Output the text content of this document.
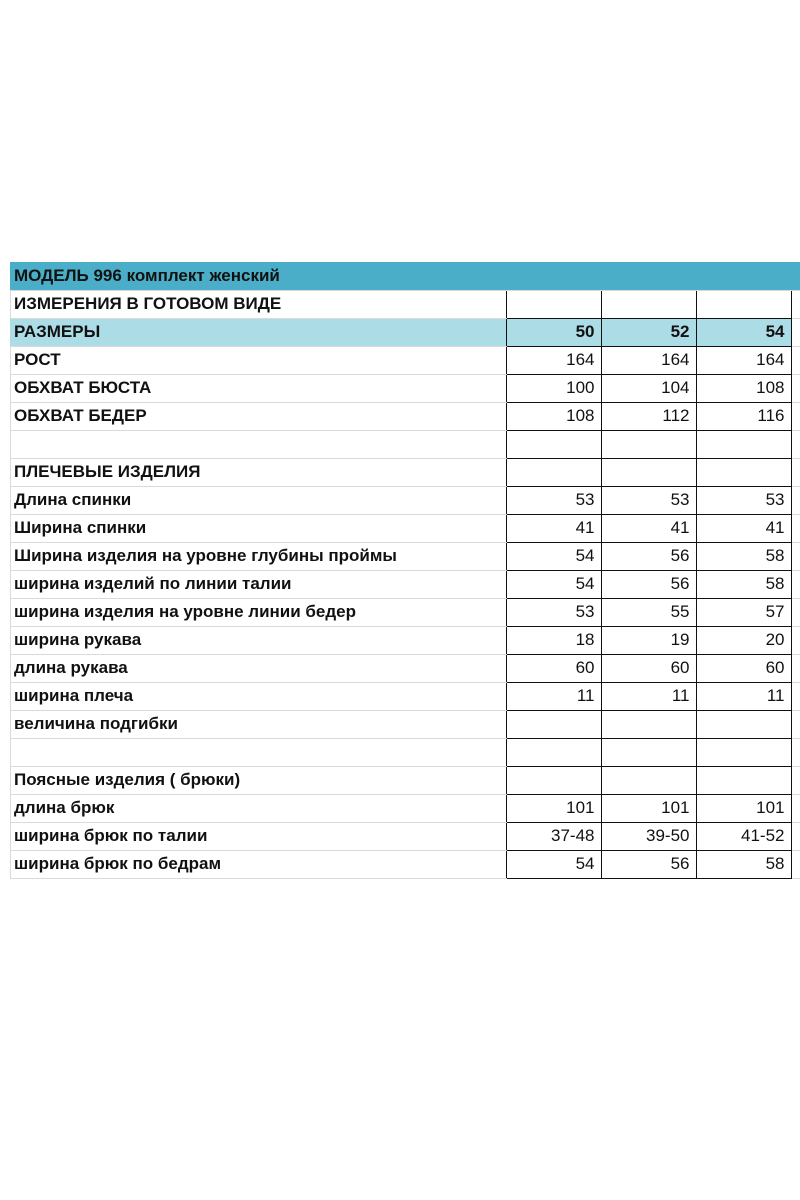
МОДЕЛЬ 996 комплект женский				
ИЗМЕРЕНИЯ В ГОТОВОМ ВИДЕ				
РАЗМЕРЫ	50	52	54	
РОСТ	164	164	164	
ОБХВАТ БЮСТА	100	104	108	
ОБХВАТ БЕДЕР	108	112	116	

ПЛЕЧЕВЫЕ ИЗДЕЛИЯ				
Длина спинки	53	53	53	
Ширина спинки	41	41	41	
Ширина изделия на уровне глубины проймы	54	56	58	
ширина изделий по линии талии	54	56	58	
ширина изделия на уровне линии бедер	53	55	57	
ширина рукава	18	19	20	
длина рукава	60	60	60	
ширина плеча	11	11	11	
величина подгибки				

Поясные изделия ( брюки)				
длина брюк	101	101	101	
ширина брюк по талии	37-48	39-50	41-52	
ширина брюк по бедрам	54	56	58	
